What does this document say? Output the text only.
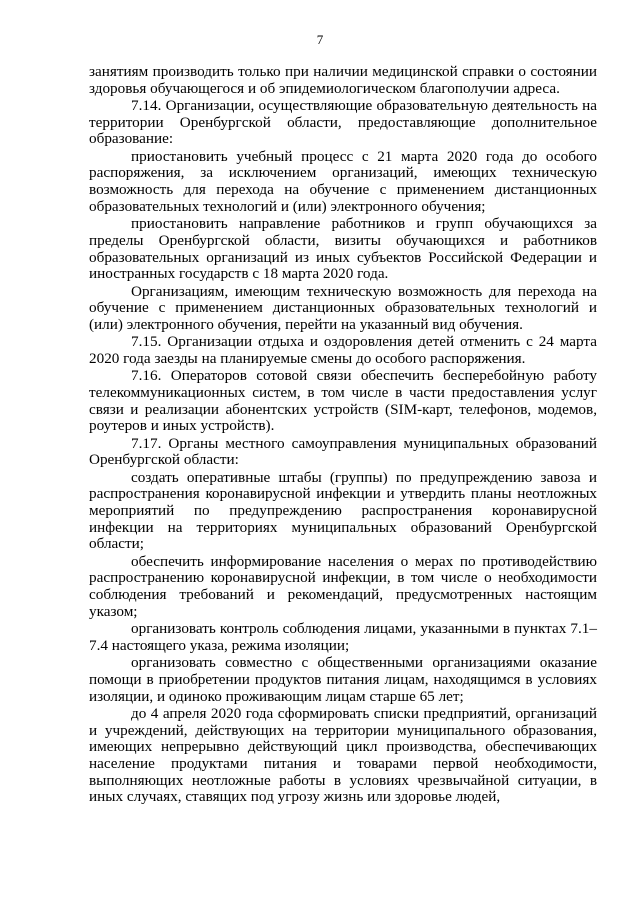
7

занятиям производить только при наличии медицинской справки о состоянии здоровья обучающегося и об эпидемиологическом благополучии адреса.

7.14. Организации, осуществляющие образовательную деятельность на территории Оренбургской области, предоставляющие дополнительное образование:

приостановить учебный процесс с 21 марта 2020 года до особого распоряжения, за исключением организаций, имеющих техническую возможность для перехода на обучение с применением дистанционных образовательных технологий и (или) электронного обучения;

приостановить направление работников и групп обучающихся за пределы Оренбургской области, визиты обучающихся и работников образовательных организаций из иных субъектов Российской Федерации и иностранных государств с 18 марта 2020 года.

Организациям, имеющим техническую возможность для перехода на обучение с применением дистанционных образовательных технологий и (или) электронного обучения, перейти на указанный вид обучения.

7.15. Организации отдыха и оздоровления детей отменить с 24 марта 2020 года заезды на планируемые смены до особого распоряжения.

7.16. Операторов сотовой связи обеспечить бесперебойную работу телекоммуникационных систем, в том числе в части предоставления услуг связи и реализации абонентских устройств (SIM-карт, телефонов, модемов, роутеров и иных устройств).

7.17. Органы местного самоуправления муниципальных образований Оренбургской области:

создать оперативные штабы (группы) по предупреждению завоза и распространения коронавирусной инфекции и утвердить планы неотложных мероприятий по предупреждению распространения коронавирусной инфекции на территориях муниципальных образований Оренбургской области;

обеспечить информирование населения о мерах по противодействию распространению коронавирусной инфекции, в том числе о необходимости соблюдения требований и рекомендаций, предусмотренных настоящим указом;

организовать контроль соблюдения лицами, указанными в пунктах 7.1–7.4 настоящего указа, режима изоляции;

организовать совместно с общественными организациями оказание помощи в приобретении продуктов питания лицам, находящимся в условиях изоляции, и одиноко проживающим лицам старше 65 лет;

до 4 апреля 2020 года сформировать списки предприятий, организаций и учреждений, действующих на территории муниципального образования, имеющих непрерывно действующий цикл производства, обеспечивающих население продуктами питания и товарами первой необходимости, выполняющих неотложные работы в условиях чрезвычайной ситуации, в иных случаях, ставящих под угрозу жизнь или здоровье людей,
